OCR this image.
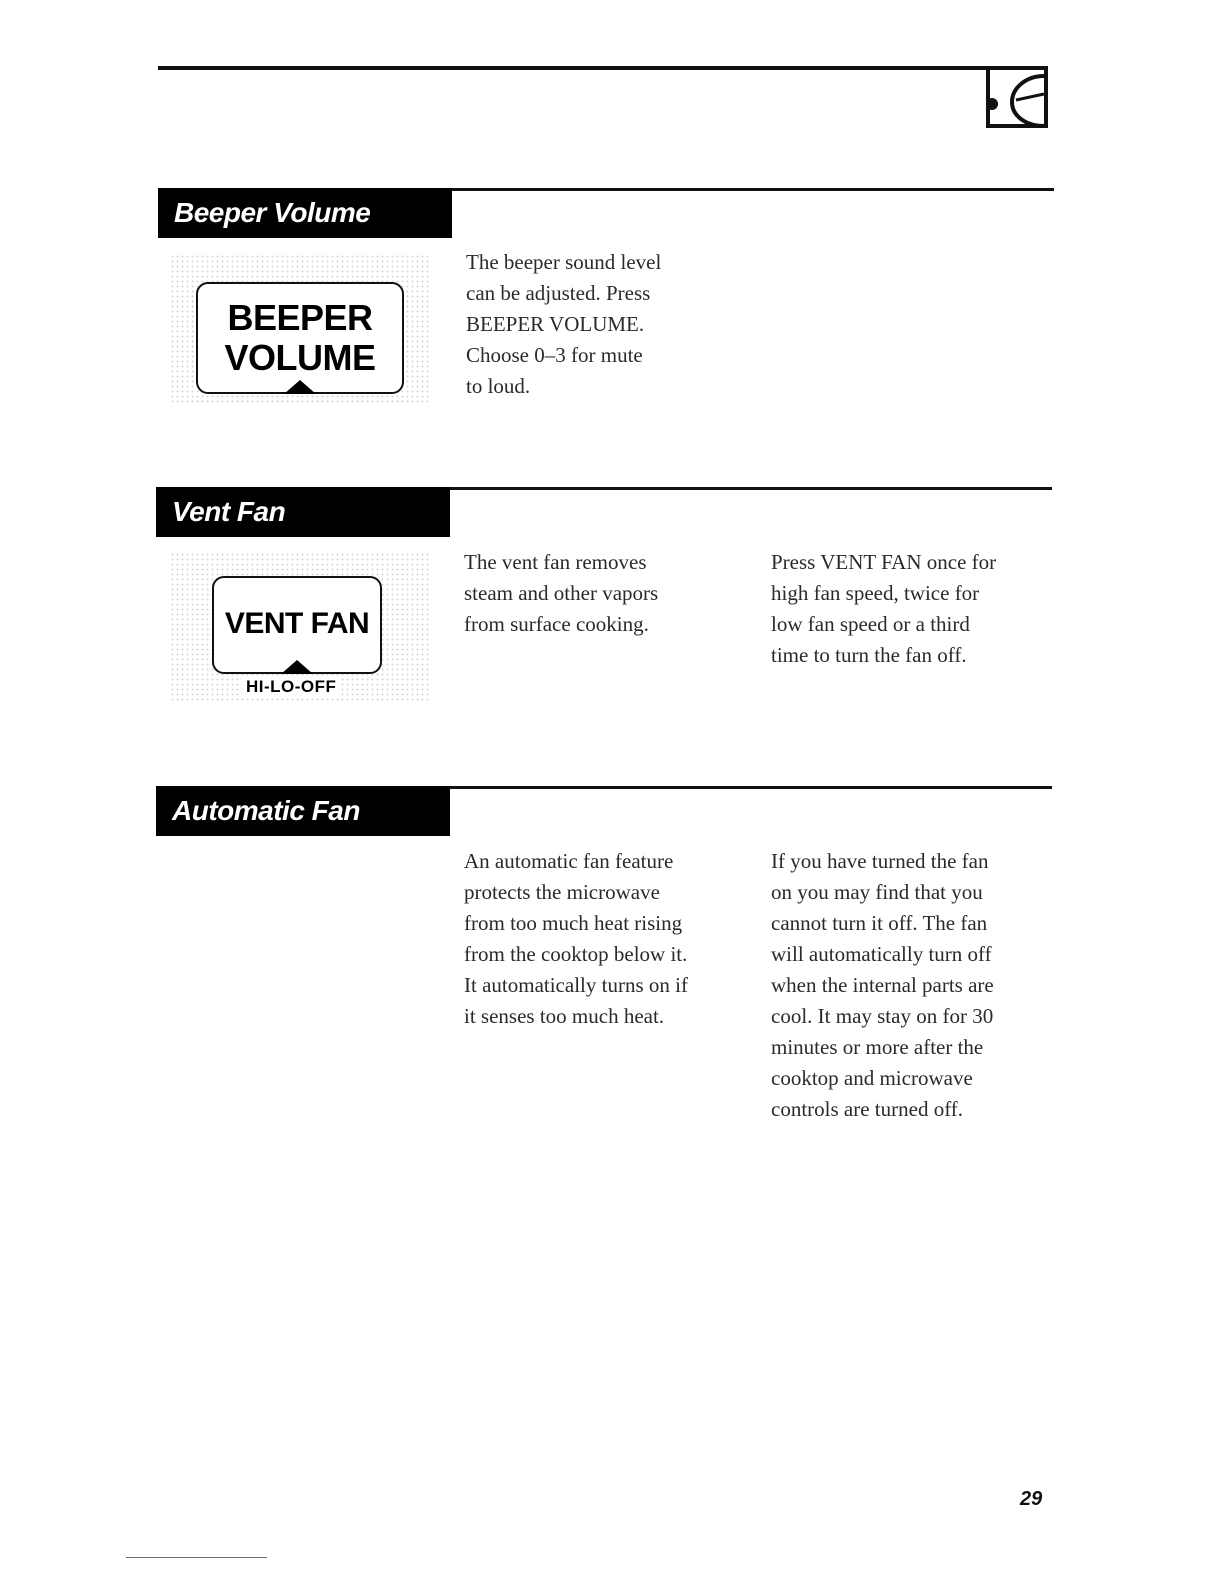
Beeper Volume
BEEPER
VOLUME
The beeper sound level
can be adjusted. Press
BEEPER VOLUME.
Choose 0–3 for mute
to loud.
Vent Fan
VENT FAN
HI-LO-OFF
The vent fan removes
steam and other vapors
from surface cooking.
Press VENT FAN once for
high fan speed, twice for
low fan speed or a third
time to turn the fan off.
Automatic Fan
An automatic fan feature
protects the microwave
from too much heat rising
from the cooktop below it.
It automatically turns on if
it senses too much heat.
If you have turned the fan
on you may find that you
cannot turn it off. The fan
will automatically turn off
when the internal parts are
cool. It may stay on for 30
minutes or more after the
cooktop and microwave
controls are turned off.
29
